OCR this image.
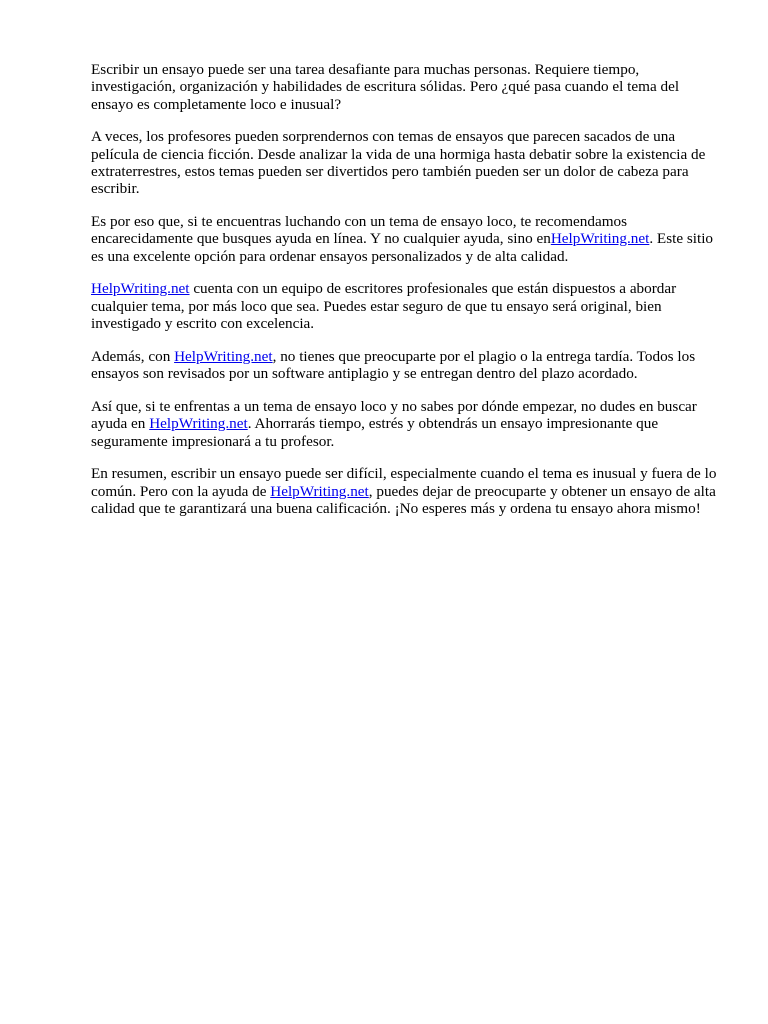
Escribir un ensayo puede ser una tarea desafiante para muchas personas. Requiere tiempo, investigación, organización y habilidades de escritura sólidas. Pero ¿qué pasa cuando el tema del ensayo es completamente loco e inusual?

A veces, los profesores pueden sorprendernos con temas de ensayos que parecen sacados de una película de ciencia ficción. Desde analizar la vida de una hormiga hasta debatir sobre la existencia de extraterrestres, estos temas pueden ser divertidos pero también pueden ser un dolor de cabeza para escribir.

Es por eso que, si te encuentras luchando con un tema de ensayo loco, te recomendamos encarecidamente que busques ayuda en línea. Y no cualquier ayuda, sino enHelpWriting.net. Este sitio es una excelente opción para ordenar ensayos personalizados y de alta calidad.

HelpWriting.net cuenta con un equipo de escritores profesionales que están dispuestos a abordar cualquier tema, por más loco que sea. Puedes estar seguro de que tu ensayo será original, bien investigado y escrito con excelencia.

Además, con HelpWriting.net, no tienes que preocuparte por el plagio o la entrega tardía. Todos los ensayos son revisados por un software antiplagio y se entregan dentro del plazo acordado.

Así que, si te enfrentas a un tema de ensayo loco y no sabes por dónde empezar, no dudes en buscar ayuda en HelpWriting.net. Ahorrarás tiempo, estrés y obtendrás un ensayo impresionante que seguramente impresionará a tu profesor.

En resumen, escribir un ensayo puede ser difícil, especialmente cuando el tema es inusual y fuera de lo común. Pero con la ayuda de HelpWriting.net, puedes dejar de preocuparte y obtener un ensayo de alta calidad que te garantizará una buena calificación. ¡No esperes más y ordena tu ensayo ahora mismo!
